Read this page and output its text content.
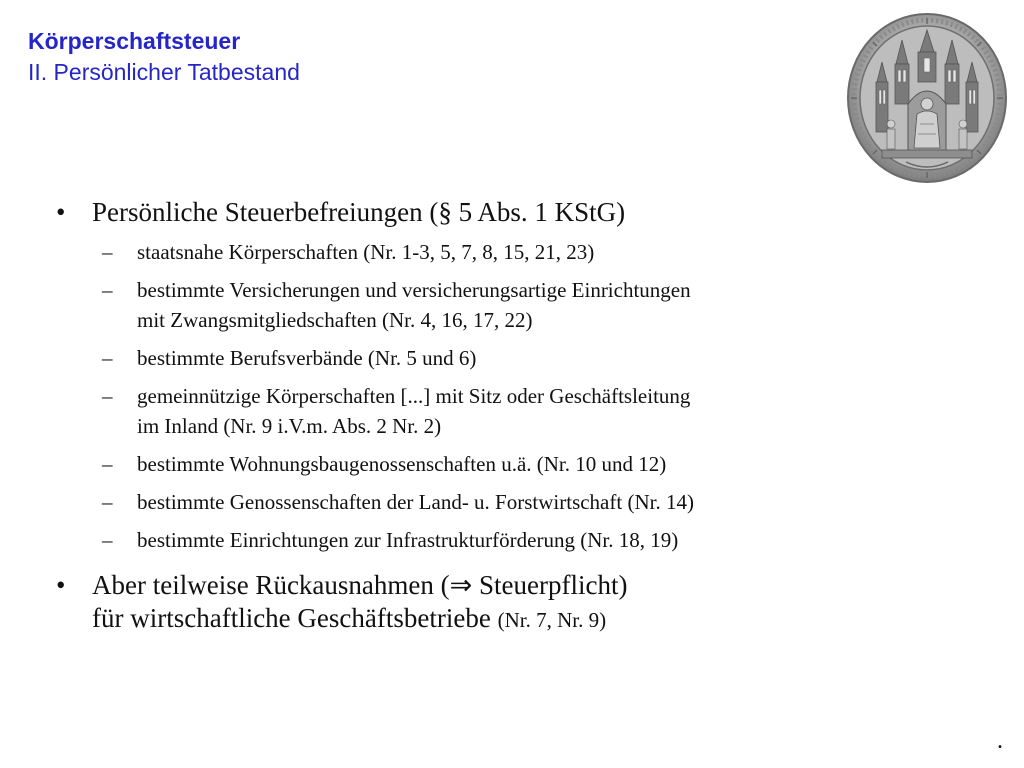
Körperschaftsteuer
II. Persönlicher Tatbestand
• Persönliche Steuerbefreiungen (§ 5 Abs. 1 KStG)
– staatsnahe Körperschaften (Nr. 1-3, 5, 7, 8, 15, 21, 23)
– bestimmte Versicherungen und versicherungsartige Einrichtungen
mit Zwangsmitgliedschaften (Nr. 4, 16, 17, 22)
– bestimmte Berufsverbände (Nr. 5 und 6)
– gemeinnützige Körperschaften [...] mit Sitz oder Geschäftsleitung
im Inland (Nr. 9 i.V.m. Abs. 2 Nr. 2)
– bestimmte Wohnungsbaugenossenschaften u.ä. (Nr. 10 und 12)
– bestimmte Genossenschaften der Land- u. Forstwirtschaft (Nr. 14)
– bestimmte Einrichtungen zur Infrastrukturförderung (Nr. 18, 19)
• Aber teilweise Rückausnahmen (⇒ Steuerpflicht)
für wirtschaftliche Geschäftsbetriebe (Nr. 7, Nr. 9)
.
